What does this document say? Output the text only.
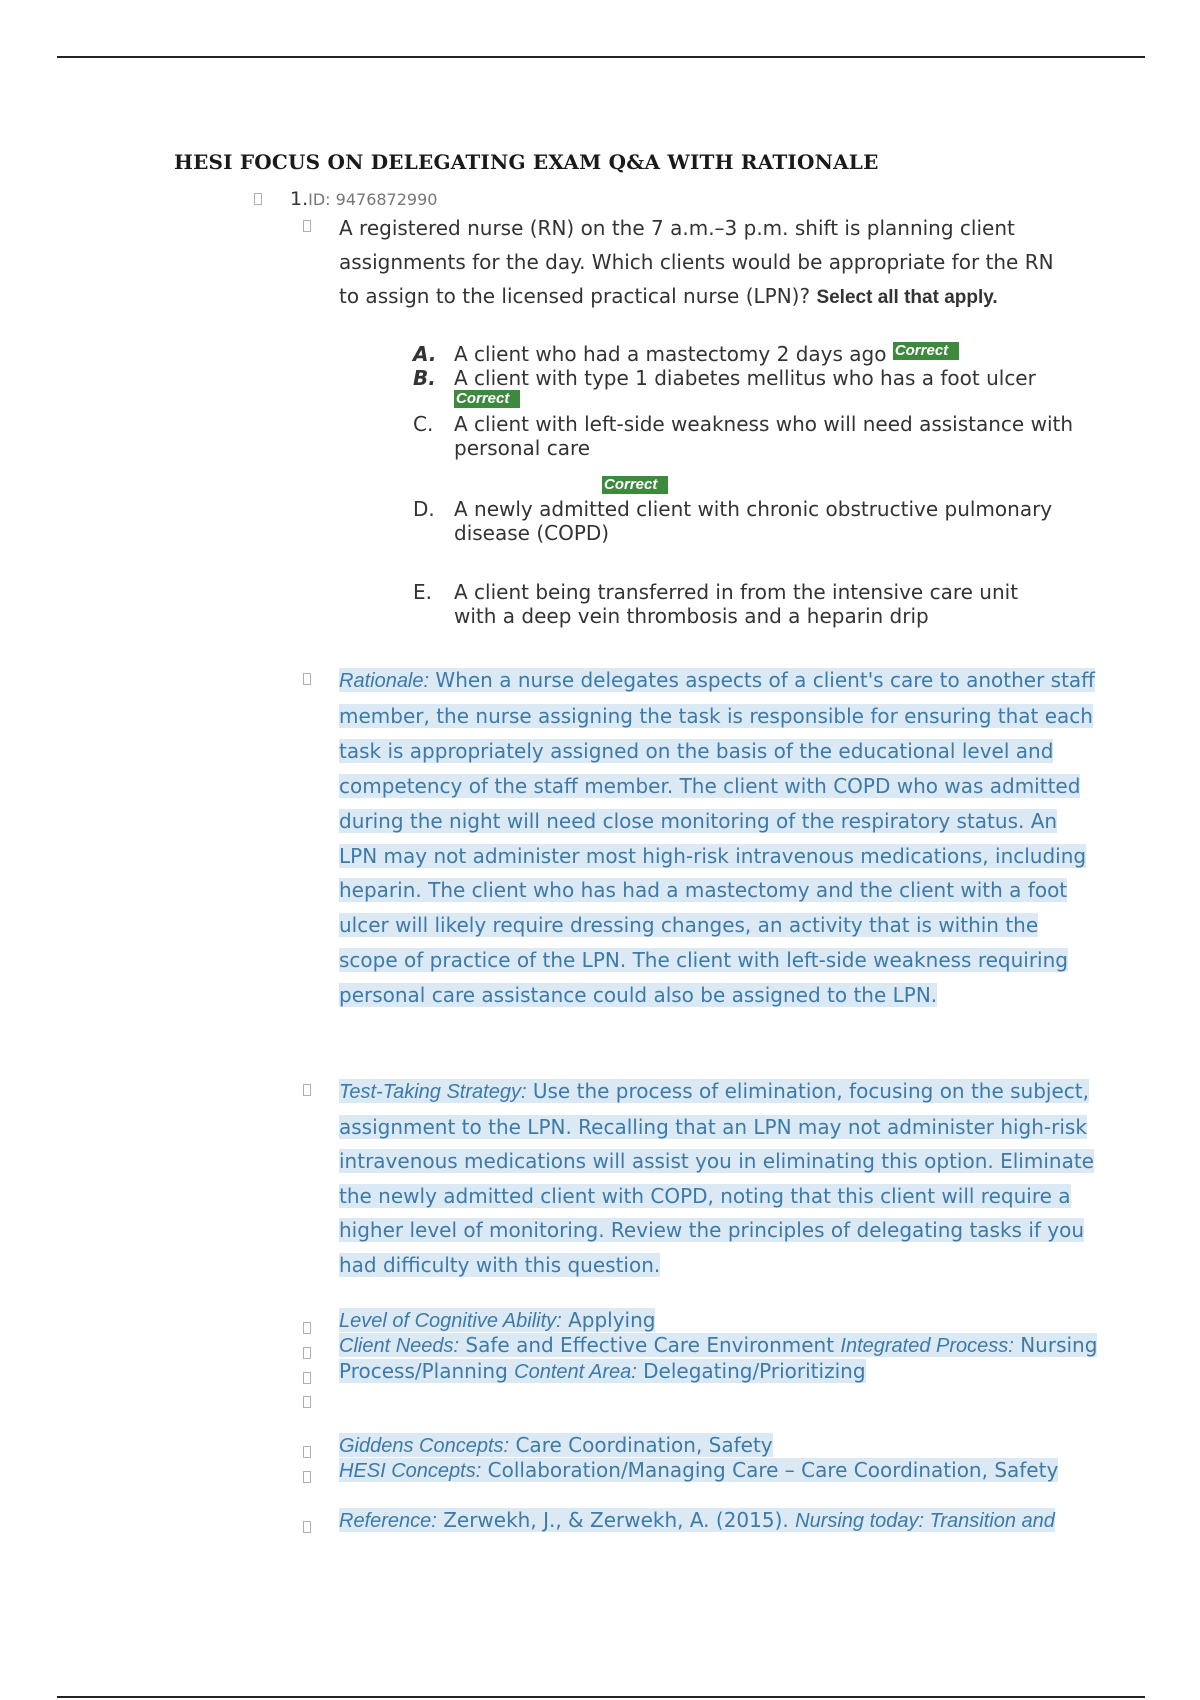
HESI FOCUS ON DELEGATING EXAM Q&A WITH RATIONALE
1.ID: 9476872990
A registered nurse (RN) on the 7 a.m.–3 p.m. shift is planning client assignments for the day. Which clients would be appropriate for the RN to assign to the licensed practical nurse (LPN)? Select all that apply.
A. A client who had a mastectomy 2 days ago Correct
B. A client with type 1 diabetes mellitus who has a foot ulcer
Correct
C. A client with left-side weakness who will need assistance with personal care
Correct
D. A newly admitted client with chronic obstructive pulmonary disease (COPD)
E. A client being transferred in from the intensive care unit with a deep vein thrombosis and a heparin drip
Rationale: When a nurse delegates aspects of a client's care to another staff member, the nurse assigning the task is responsible for ensuring that each task is appropriately assigned on the basis of the educational level and competency of the staff member. The client with COPD who was admitted during the night will need close monitoring of the respiratory status. An LPN may not administer most high-risk intravenous medications, including heparin. The client who has had a mastectomy and the client with a foot ulcer will likely require dressing changes, an activity that is within the scope of practice of the LPN. The client with left-side weakness requiring personal care assistance could also be assigned to the LPN.
Test-Taking Strategy: Use the process of elimination, focusing on the subject, assignment to the LPN. Recalling that an LPN may not administer high-risk intravenous medications will assist you in eliminating this option. Eliminate the newly admitted client with COPD, noting that this client will require a higher level of monitoring. Review the principles of delegating tasks if you had difficulty with this question.
Level of Cognitive Ability: Applying
Client Needs: Safe and Effective Care Environment Integrated Process: Nursing Process/Planning Content Area: Delegating/Prioritizing
Giddens Concepts: Care Coordination, Safety
HESI Concepts: Collaboration/Managing Care – Care Coordination, Safety
Reference: Zerwekh, J., & Zerwekh, A. (2015). Nursing today: Transition and
